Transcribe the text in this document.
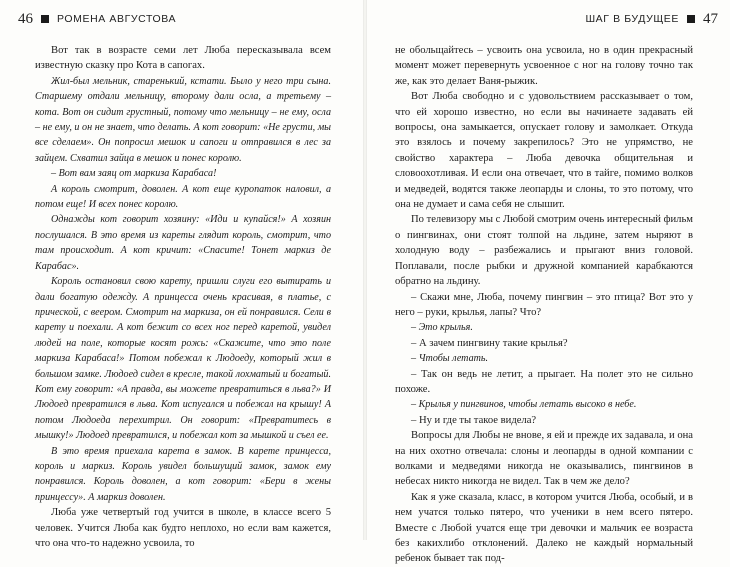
46 РОМЕНА АВГУСТОВА

Вот так в возрасте семи лет Люба пересказывала всем известную сказку про Кота в сапогах.

Жил-был мельник, старенький, кстати. Было у него три сына. Старшему отдали мельницу, второму дали осла, а третьему – кота. Вот он сидит грустный, потому что мельницу – не ему, осла – не ему, и он не знает, что делать. А кот говорит: «Не грусти, мы все сделаем». Он попросил мешок и сапоги и отправился в лес за зайцем. Схватил зайца в мешок и понес королю.

– Вот вам заяц от маркиза Карабаса!

А король смотрит, доволен. А кот еще куропаток наловил, а потом еще! И всех понес королю.

Однажды кот говорит хозяину: «Иди и купайся!» А хозяин послушался. В это время из кареты глядит король, смотрит, что там происходит. А кот кричит: «Спасите! Тонет маркиз де Карабас».

Король остановил свою карету, пришли слуги его вытирать и дали богатую одежду. А принцесса очень красивая, в платье, с прической, с веером. Смотрит на маркиза, он ей понравился. Сели в карету и поехали. А кот бежит со всех ног перед каретой, увидел людей на поле, которые косят рожь: «Скажите, что это поле маркиза Карабаса!» Потом побежал к Людоеду, который жил в большом замке. Людоед сидел в кресле, такой лохматый и богатый. Кот ему говорит: «А правда, вы можете превратиться в льва?» И Людоед превратился в льва. Кот испугался и побежал на крышу! А потом Людоеда перехитрил. Он говорит: «Превратитесь в мышку!» Людоед превратился, и побежал кот за мышкой и съел ее.

В это время приехала карета в замок. В карете принцесса, король и маркиз. Король увидел большущий замок, замок ему понравился. Король доволен, а кот говорит: «Бери в жены принцессу». А маркиз доволен.

Люба уже четвертый год учится в школе, в классе всего 5 человек. Учится Люба как будто неплохо, но если вам кажется, что она что-то надежно усвоила, то

ШАГ В БУДУЩЕЕ 47

не обольщайтесь – усвоить она усвоила, но в один прекрасный момент может перевернуть усвоенное с ног на голову точно так же, как это делает Ваня-рыжик.

Вот Люба свободно и с удовольствием рассказывает о том, что ей хорошо известно, но если вы начинаете задавать ей вопросы, она замыкается, опускает голову и замолкает. Откуда это взялось и почему закрепилось? Это не упрямство, не свойство характера – Люба девочка общительная и словоохотливая. И если она отвечает, что в тайге, помимо волков и медведей, водятся также леопарды и слоны, то это потому, что она не думает и сама себя не слышит.

По телевизору мы с Любой смотрим очень интересный фильм о пингвинах, они стоят толпой на льдине, затем ныряют в холодную воду – разбежались и прыгают вниз головой. Поплавали, после рыбки и дружной компанией карабкаются обратно на льдину.

– Скажи мне, Люба, почему пингвин – это птица? Вот это у него – руки, крылья, лапы? Что?

– Это крылья.

– А зачем пингвину такие крылья?

– Чтобы летать.

– Так он ведь не летит, а прыгает. На полет это не сильно похоже.

– Крылья у пингвинов, чтобы летать высоко в небе.

– Ну и где ты такое видела?

Вопросы для Любы не внове, я ей и прежде их задавала, и она на них охотно отвечала: слоны и леопарды в одной компании с волками и медведями никогда не оказывались, пингвинов в небесах никто никогда не видел. Так в чем же дело?

Как я уже сказала, класс, в котором учится Люба, особый, и в нем учатся только пятеро, что ученики в нем всего пятеро. Вместе с Любой учатся еще три девочки и мальчик ее возраста без какихлибо отклонений. Далеко не каждый нормальный ребенок бывает так под-
